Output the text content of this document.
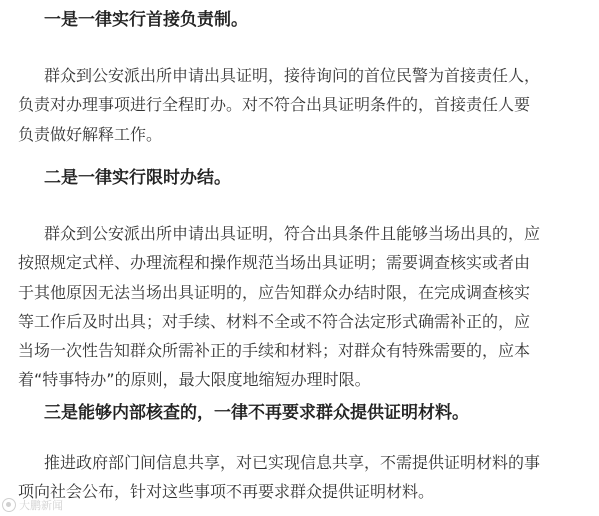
一是一律实行首接负责制。
群众到公安派出所申请出具证明，接待询问的首位民警为首接责任人，
负责对办理事项进行全程盯办。对不符合出具证明条件的，首接责任人要
负责做好解释工作。
二是一律实行限时办结。
群众到公安派出所申请出具证明，符合出具条件且能够当场出具的，应
按照规定式样、办理流程和操作规范当场出具证明；需要调查核实或者由
于其他原因无法当场出具证明的，应告知群众办结时限，在完成调查核实
等工作后及时出具；对手续、材料不全或不符合法定形式确需补正的，应
当场一次性告知群众所需补正的手续和材料；对群众有特殊需要的，应本
着“特事特办”的原则，最大限度地缩短办理时限。
三是能够内部核查的，一律不再要求群众提供证明材料。
推进政府部门间信息共享，对已实现信息共享，不需提供证明材料的事
项向社会公布，针对这些事项不再要求群众提供证明材料。
大鹏新闻
